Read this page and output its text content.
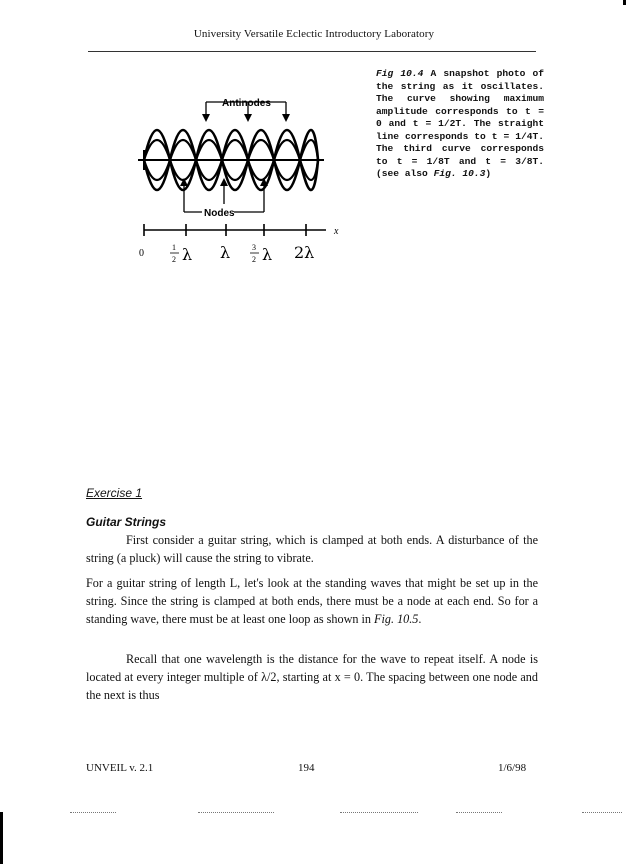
University Versatile Eclectic Introductory Laboratory
Antinodes
Nodes
x
0
1
2 λ λ	3
2 λ 2λ
Fig 10.4 A snapshot photo of the string as it oscillates. The curve showing maximum amplitude corresponds to t = 0 and t = 1/2T. The straight line corresponds to t = 1/4T. The third curve corresponds to t = 1/8T and t = 3/8T. (see also Fig. 10.3)
Exercise 1
Guitar Strings
First consider a guitar string, which is clamped at both ends. A disturbance of the string (a pluck) will cause the string to vibrate.
For a guitar string of length L, let's look at the standing waves that might be set up in the string. Since the string is clamped at both ends, there must be a node at each end. So for a standing wave, there must be at least one loop as shown in Fig. 10.5.
Recall that one wavelength is the distance for the wave to repeat itself. A node is located at every integer multiple of λ/2, starting at x = 0. The spacing between one node and the next is thus
UNVEIL v. 2.1	194	1/6/98
